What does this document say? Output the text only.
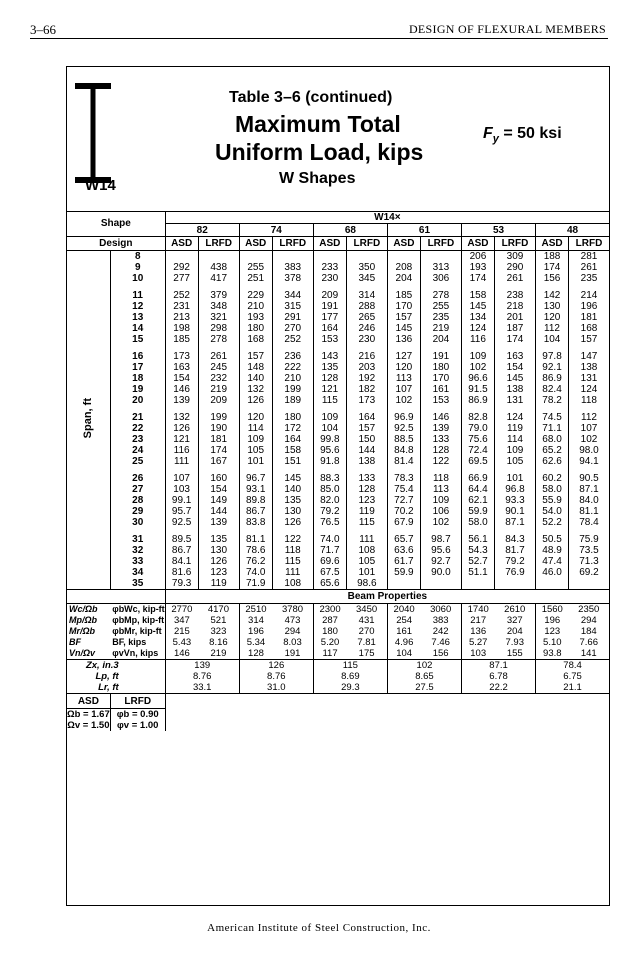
3–66	DESIGN OF FLEXURAL MEMBERS
W14
Table 3–6 (continued)
Maximum Total
Uniform Load, kips
W Shapes
$F_y = 50$ ksi
Shape		W14×											
		82		74		68		61		53		48	
Design		ASD	LRFD	ASD	LRFD	ASD	LRFD	ASD	LRFD	ASD	LRFD	ASD	LRFD
Span, ft	8									206	309	188	281
	9	292	438	255	383	233	350	208	313	193	290	174	261
	10	277	417	251	378	230	345	204	306	174	261	156	235
	11	252	379	229	344	209	314	185	278	158	238	142	214
	12	231	348	210	315	191	288	170	255	145	218	130	196
	13	213	321	193	291	177	265	157	235	134	201	120	181
	14	198	298	180	270	164	246	145	219	124	187	112	168
	15	185	278	168	252	153	230	136	204	116	174	104	157
	16	173	261	157	236	143	216	127	191	109	163	97.8	147
	17	163	245	148	222	135	203	120	180	102	154	92.1	138
	18	154	232	140	210	128	192	113	170	96.6	145	86.9	131
	19	146	219	132	199	121	182	107	161	91.5	138	82.4	124
	20	139	209	126	189	115	173	102	153	86.9	131	78.2	118
	21	132	199	120	180	109	164	96.9	146	82.8	124	74.5	112
	22	126	190	114	172	104	157	92.5	139	79.0	119	71.1	107
	23	121	181	109	164	99.8	150	88.5	133	75.6	114	68.0	102
	24	116	174	105	158	95.6	144	84.8	128	72.4	109	65.2	98.0
	25	111	167	101	151	91.8	138	81.4	122	69.5	105	62.6	94.1
	26	107	160	96.7	145	88.3	133	78.3	118	66.9	101	60.2	90.5
	27	103	154	93.1	140	85.0	128	75.4	113	64.4	96.8	58.0	87.1
	28	99.1	149	89.8	135	82.0	123	72.7	109	62.1	93.3	55.9	84.0
	29	95.7	144	86.7	130	79.2	119	70.2	106	59.9	90.1	54.0	81.1
	30	92.5	139	83.8	126	76.5	115	67.9	102	58.0	87.1	52.2	78.4
	31	89.5	135	81.1	122	74.0	111	65.7	98.7	56.1	84.3	50.5	75.9
	32	86.7	130	78.6	118	71.7	108	63.6	95.6	54.3	81.7	48.9	73.5
	33	84.1	126	76.2	115	69.6	105	61.7	92.7	52.7	79.2	47.4	71.3
	34	81.6	123	74.0	111	67.5	101	59.9	90.0	51.1	76.9	46.0	69.2
	35	79.3	119	71.9	108	65.6	98.6						
		Beam Properties											
Wᴄ/Ωb	φbWc, kip-ft	2770	4170	2510	3780	2300	3450	2040	3060	1740	2610	1560	2350
Mp/Ωb	φbMp, kip-ft	347	521	314	473	287	431	254	383	217	327	196	294
Mr/Ωb	φbMr, kip-ft	215	323	196	294	180	270	161	242	136	204	123	184
BF	BF, kips	5.43	8.16	5.34	8.03	5.20	7.81	4.96	7.46	5.27	7.93	5.10	7.66
Vn/Ωv	φvVn, kips	146	219	128	191	117	175	104	156	103	155	93.8	141
Zx, in.3		139		126		115		102		87.1		78.4	
Lp, ft		8.76		8.76		8.69		8.65		6.78		6.75	
Lr, ft		33.1		31.0		29.3		27.5		22.2		21.1	
ASD	LRFD												
Ωb = 1.67	φb = 0.90												
Ωv = 1.50	φv = 1.00												
American Institute of Steel Construction, Inc.
